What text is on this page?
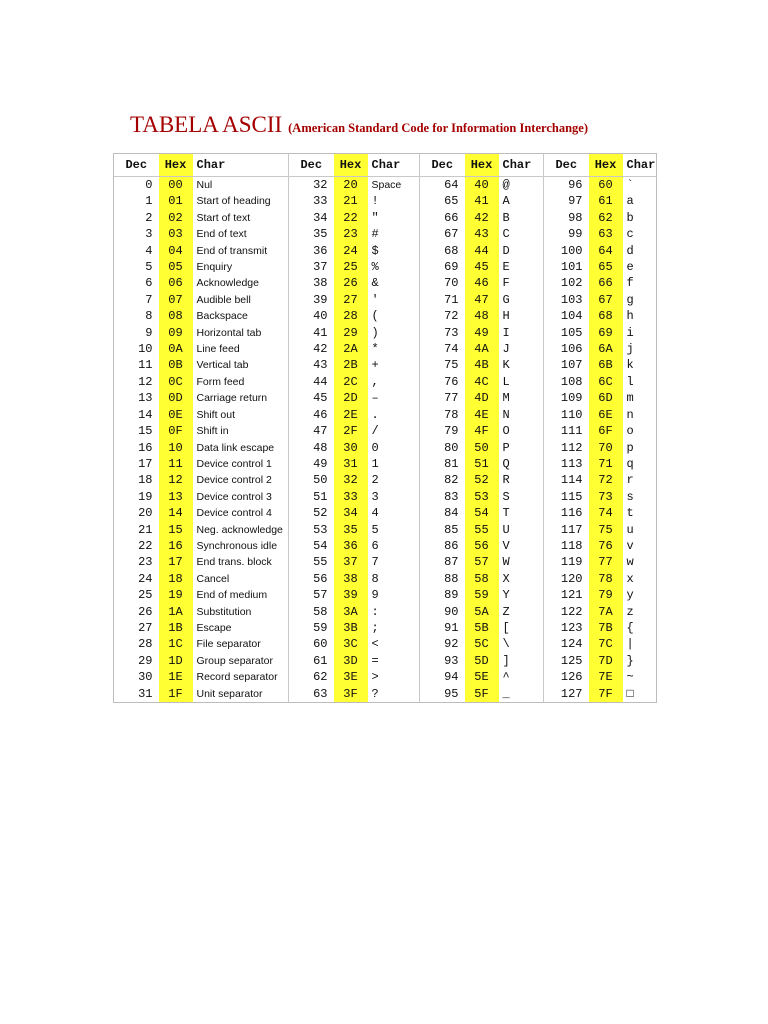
TABELA ASCII (American Standard Code for Information Interchange)
Dec	Hex	Char	Dec	Hex	Char	Dec	Hex	Char	Dec	Hex	Char
0	00	Nul	32	20	Space	64	40	@	96	60	`
1	01	Start of heading	33	21	!	65	41	A	97	61	a
2	02	Start of text	34	22	"	66	42	B	98	62	b
3	03	End of text	35	23	#	67	43	C	99	63	c
4	04	End of transmit	36	24	$	68	44	D	100	64	d
5	05	Enquiry	37	25	%	69	45	E	101	65	e
6	06	Acknowledge	38	26	&	70	46	F	102	66	f
7	07	Audible bell	39	27	'	71	47	G	103	67	g
8	08	Backspace	40	28	(	72	48	H	104	68	h
9	09	Horizontal tab	41	29	)	73	49	I	105	69	i
10	0A	Line feed	42	2A	*	74	4A	J	106	6A	j
11	0B	Vertical tab	43	2B	+	75	4B	K	107	6B	k
12	0C	Form feed	44	2C	,	76	4C	L	108	6C	l
13	0D	Carriage return	45	2D	–	77	4D	M	109	6D	m
14	0E	Shift out	46	2E	.	78	4E	N	110	6E	n
15	0F	Shift in	47	2F	/	79	4F	O	111	6F	o
16	10	Data link escape	48	30	0	80	50	P	112	70	p
17	11	Device control 1	49	31	1	81	51	Q	113	71	q
18	12	Device control 2	50	32	2	82	52	R	114	72	r
19	13	Device control 3	51	33	3	83	53	S	115	73	s
20	14	Device control 4	52	34	4	84	54	T	116	74	t
21	15	Neg. acknowledge	53	35	5	85	55	U	117	75	u
22	16	Synchronous idle	54	36	6	86	56	V	118	76	v
23	17	End trans. block	55	37	7	87	57	W	119	77	w
24	18	Cancel	56	38	8	88	58	X	120	78	x
25	19	End of medium	57	39	9	89	59	Y	121	79	y
26	1A	Substitution	58	3A	:	90	5A	Z	122	7A	z
27	1B	Escape	59	3B	;	91	5B	[	123	7B	{
28	1C	File separator	60	3C	<	92	5C	\	124	7C	|
29	1D	Group separator	61	3D	=	93	5D	]	125	7D	}
30	1E	Record separator	62	3E	>	94	5E	^	126	7E	~
31	1F	Unit separator	63	3F	?	95	5F	_	127	7F	□
